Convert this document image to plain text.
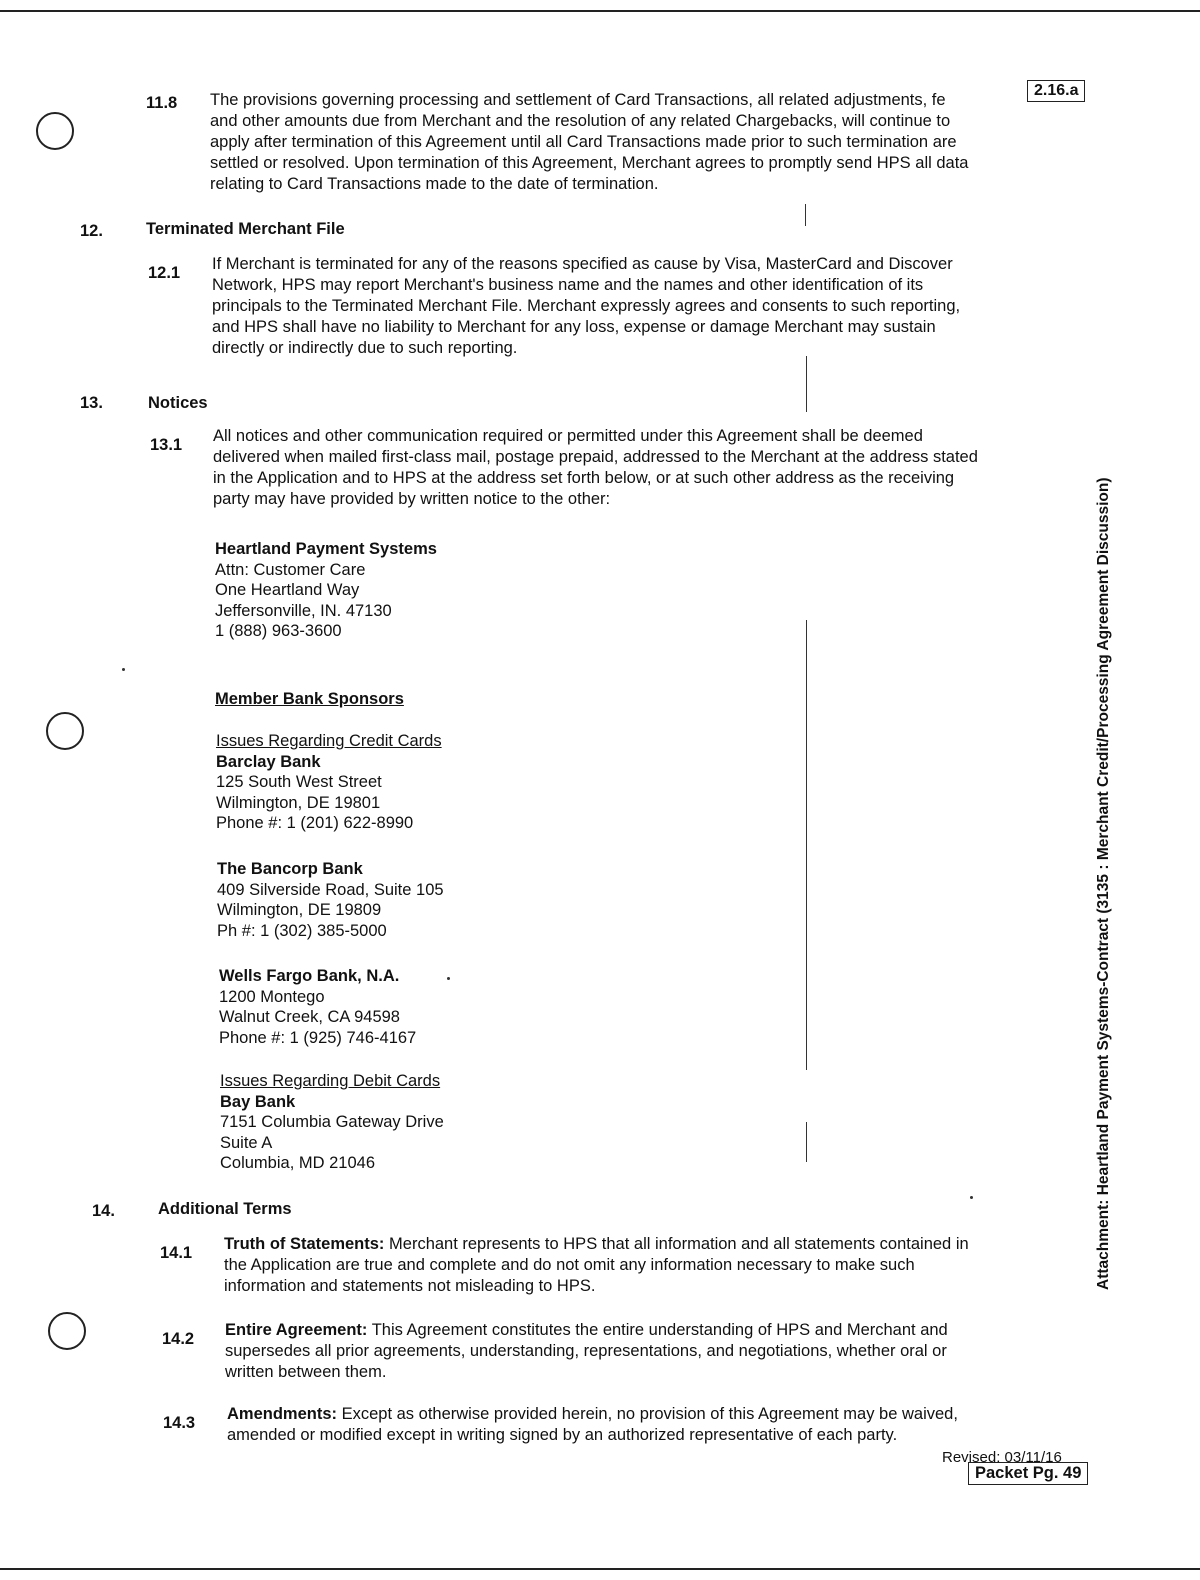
2.16.a
Packet Pg. 49
Revised: 03/11/16
Attachment: Heartland Payment Systems-Contract (3135 : Merchant Credit/Processing Agreement Discussion)
11.8 The provisions governing processing and settlement of Card Transactions, all related adjustments, fe
and other amounts due from Merchant and the resolution of any related Chargebacks, will continue to
apply after termination of this Agreement until all Card Transactions made prior to such termination are
settled or resolved. Upon termination of this Agreement, Merchant agrees to promptly send HPS all data
relating to Card Transactions made to the date of termination.
12.	Terminated Merchant File
12.1 If Merchant is terminated for any of the reasons specified as cause by Visa, MasterCard and Discover
Network, HPS may report Merchant's business name and the names and other identification of its
principals to the Terminated Merchant File. Merchant expressly agrees and consents to such reporting,
and HPS shall have no liability to Merchant for any loss, expense or damage Merchant may sustain
directly or indirectly due to such reporting.
13.	Notices
13.1 All notices and other communication required or permitted under this Agreement shall be deemed
delivered when mailed first-class mail, postage prepaid, addressed to the Merchant at the address stated
in the Application and to HPS at the address set forth below, or at such other address as the receiving
party may have provided by written notice to the other:
Heartland Payment Systems
Attn: Customer Care
One Heartland Way
Jeffersonville, IN. 47130
1 (888) 963-3600
Member Bank Sponsors
Issues Regarding Credit Cards
Barclay Bank
125 South West Street
Wilmington, DE 19801
Phone #: 1 (201) 622-8990
The Bancorp Bank
409 Silverside Road, Suite 105
Wilmington, DE 19809
Ph #: 1 (302) 385-5000
Wells Fargo Bank, N.A.
1200 Montego
Walnut Creek, CA 94598
Phone #: 1 (925) 746-4167
Issues Regarding Debit Cards
Bay Bank
7151 Columbia Gateway Drive
Suite A
Columbia, MD 21046
14.	Additional Terms
14.1 Truth of Statements: Merchant represents to HPS that all information and all statements contained in
the Application are true and complete and do not omit any information necessary to make such
information and statements not misleading to HPS.
14.2 Entire Agreement: This Agreement constitutes the entire understanding of HPS and Merchant and
supersedes all prior agreements, understanding, representations, and negotiations, whether oral or
written between them.
14.3 Amendments: Except as otherwise provided herein, no provision of this Agreement may be waived,
amended or modified except in writing signed by an authorized representative of each party.
